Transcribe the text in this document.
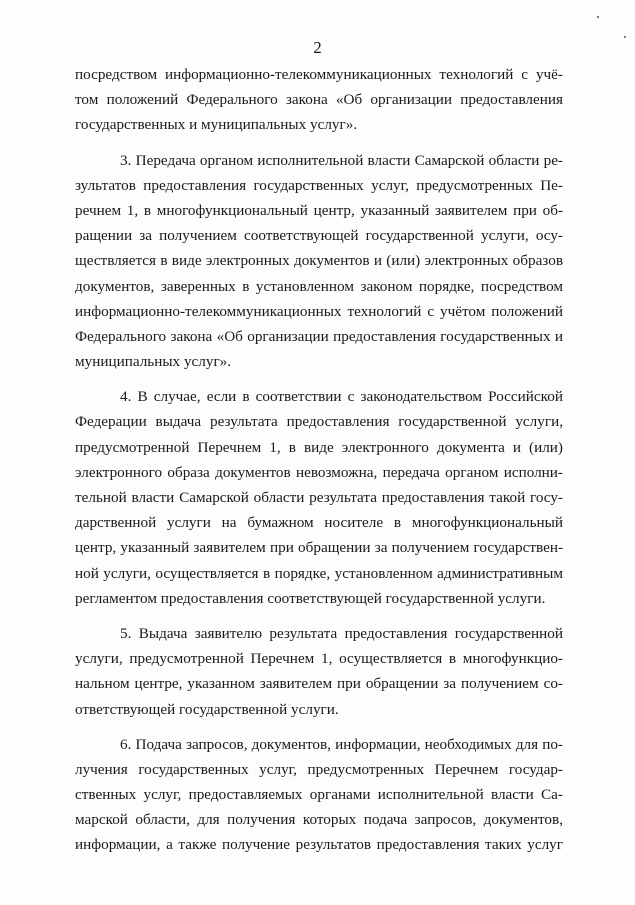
2
посредством информационно-телекоммуникационных технологий с учё-
том положений Федерального закона «Об организации предоставления
государственных и муниципальных услуг».
3. Передача органом исполнительной власти Самарской области ре-
зультатов предоставления государственных услуг, предусмотренных Пе-
речнем 1, в многофункциональный центр, указанный заявителем при об-
ращении за получением соответствующей государственной услуги, осу-
ществляется в виде электронных документов и (или) электронных образов
документов, заверенных в установленном законом порядке, посредством
информационно-телекоммуникационных технологий с учётом положений
Федерального закона «Об организации предоставления государственных и
муниципальных услуг».
4. В случае, если в соответствии с законодательством Российской
Федерации выдача результата предоставления государственной услуги,
предусмотренной Перечнем 1, в виде электронного документа и (или)
электронного образа документов невозможна, передача органом исполни-
тельной власти Самарской области результата предоставления такой госу-
дарственной услуги на бумажном носителе в многофункциональный
центр, указанный заявителем при обращении за получением государствен-
ной услуги, осуществляется в порядке, установленном административным
регламентом предоставления соответствующей государственной услуги.
5. Выдача заявителю результата предоставления государственной
услуги, предусмотренной Перечнем 1, осуществляется в многофункцио-
нальном центре, указанном заявителем при обращении за получением со-
ответствующей государственной услуги.
6. Подача запросов, документов, информации, необходимых для по-
лучения государственных услуг, предусмотренных Перечнем государ-
ственных услуг, предоставляемых органами исполнительной власти Са-
марской области, для получения которых подача запросов, документов,
информации, а также получение результатов предоставления таких услуг
